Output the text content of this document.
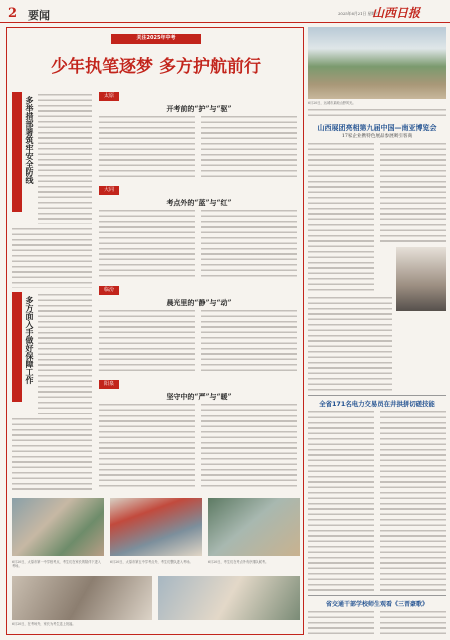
2 要闻	2025年6月21日 星期六
山西日报
关注2025年中考
少年执笔逐梦 多方护航前行
多举措部署筑牢安全防线
多方面入手做好保障工作
太原
开考前的“护”与“驱”
大同
考点外的“蓝”与“红”
临汾
晨光里的“静”与“动”
阳泉
坚守中的“严”与“暖”
6月20日，太原市第一中学校考点，考生们在家长的陪伴下进入考场。
6月20日，太原市第五中学考点外，考生们整队进入考场。	6月20日，考生们在考点外有序排队候考。
6月20日，在考场外，家长为考生送上祝福。
6月20日，运城市某地山野风光。
山西展团亮相第九届中国—南亚博览会
17家企业携特色展品参展吸引客商
全省171名电力交易员在井拱拼切磋技能
省交通干部学校师生观看《三晋豪歌》
